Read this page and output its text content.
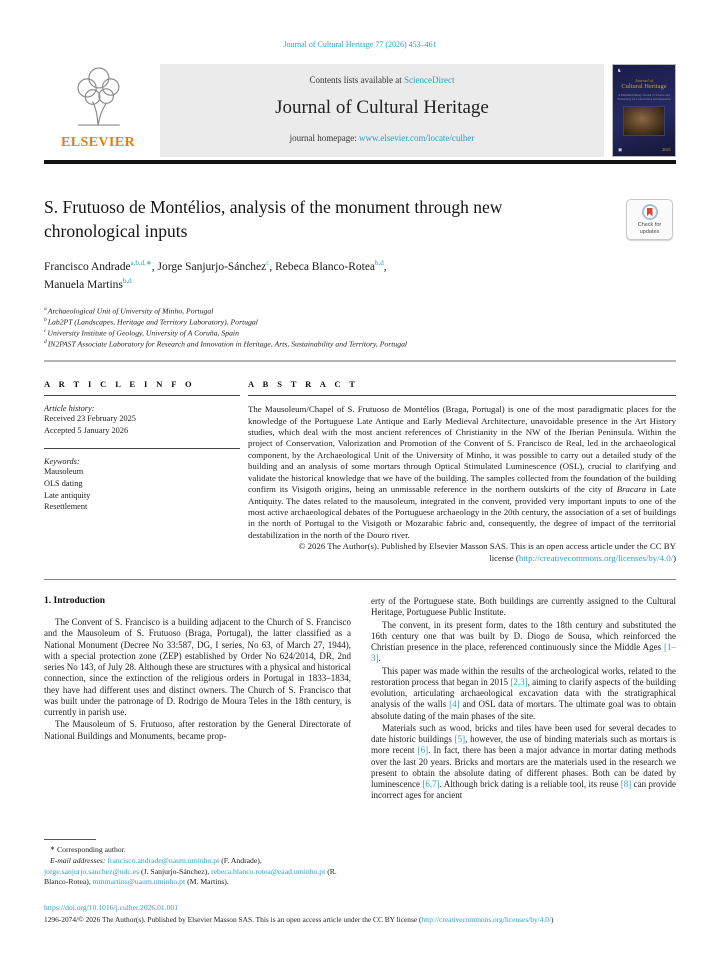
Journal of Cultural Heritage 77 (2026) 453–461
ELSEVIER
Contents lists available at ScienceDirect
Journal of Cultural Heritage
journal homepage: www.elsevier.com/locate/culher
♞
Journal of
Cultural Heritage
A Multidisciplinary Journal of Science and Technology for Conservation and Awareness
▣	2021
S. Frutuoso de Montélios, analysis of the monument through new chronological inputs	Check for updates
Francisco Andrade$^{a,b,d,∗}$, Jorge Sanjurjo-Sánchez$^c$, Rebeca Blanco-Rotea$^{b,d}$,
Manuela Martins$^{b,d}$
$^a$Archaeological Unit of University of Minho, Portugal
$^b$Lab2PT (Landscapes, Heritage and Territory Laboratory), Portugal
$^c$University Institute of Geology, University of A Coruña, Spain
$^d$IN2PAST Associate Laboratory for Research and Innovation in Heritage, Arts, Sustainability and Territory, Portugal
A R T I C L E I N F O
Article history:
Received 23 February 2025
Accepted 5 January 2026
Keywords:
Mausoleum
OLS dating
Late antiquity
Resettlement
A B S T R A C T

The Mausoleum/Chapel of S. Frutuoso de Montélios (Braga, Portugal) is one of the most paradigmatic places for the knowledge of the Portuguese Late Antique and Early Medieval Architecture, unavoidable presence in the Art History studies, which deal with the most ancient references of Christianity in the NW of the Iberian Peninsula. Within the project of Conservation, Valorization and Promotion of the Convent of S. Francisco de Real, led in the archaeological component, by the Archaeological Unit of the University of Minho, it was possible to carry out a detailed study of the building and an analysis of some mortars through Optical Stimulated Luminescence (OSL), crucial to clarifying and validate the historical knowledge that we have of the building. The samples collected from the foundation of the building confirm its Visigoth origins, being an unmissable reference in the northern outskirts of the city of Bracara in Late Antiquity. The dates related to the mausoleum, integrated in the convent, provided very important inputs to one of the most active archaeological debates of the Portuguese archaeology in the 20th century, the association of a set of buildings in the north of Portugal to the Visigoth or Mozarabic fabric and, consequently, the degree of impact of the territorial destabilization in the north of the Douro river.

© 2026 The Author(s). Published by Elsevier Masson SAS. This is an open access article under the CC BY
license (http://creativecommons.org/licenses/by/4.0/)
1. Introduction

The Convent of S. Francisco is a building adjacent to the Church of S. Francisco and the Mausoleum of S. Frutuoso (Braga, Portugal), the latter classified as a National Monument (Decree No 33:587, DG, I series, No 63, of March 27, 1944), with a special protection zone (ZEP) established by Order No 624/2014, DR, 2nd series No 143, of July 28. Although these are structures with a physical and historical connection, since the extinction of the religious orders in Portugal in 1833–1834, they have had different uses and distinct owners. The Church of S. Francisco that was built under the patronage of D. Rodrigo de Moura Teles in the 18th century, is currently in parish use.

The Mausoleum of S. Frutuoso, after restoration by the General Directorate of National Buildings and Monuments, became prop-

∗ Corresponding author.
E-mail addresses: francisco.andrade@uaum.uminho.pt (F. Andrade), jorge.sanjurjo.sanchez@udc.es (J. Sanjurjo-Sánchez), rebeca.blanco.rotea@eaad.uminho.pt (R. Blanco-Rotea), mmmartins@uaum.uminho.pt (M. Martins).

erty of the Portuguese state. Both buildings are currently assigned to the Cultural Heritage, Portuguese Public Institute.

The convent, in its present form, dates to the 18th century and substituted the 16th century one that was built by D. Diogo de Sousa, which reinforced the Christian presence in the place, referenced continuously since the Middle Ages [1–3].

This paper was made within the results of the archeological works, related to the restoration process that began in 2015 [2,3], aiming to clarify aspects of the building evolution, articulating archaeological excavation data with the stratigraphical analysis of the walls [4] and OSL data of mortars. The ultimate goal was to obtain absolute dating of the main phases of the site.

Materials such as wood, bricks and tiles have been used for several decades to date historic buildings [5], however, the use of binding materials such as mortars is more recent [6]. In fact, there has been a major advance in mortar dating methods over the last 20 years. Bricks and mortars are the materials used in the research we present to obtain the absolute dating of different phases. Both can be dated by luminescence [6,7]. Although brick dating is a reliable tool, its reuse [8] can provide incorrect ages for ancient

https://doi.org/10.1016/j.culher.2026.01.001
1296-2074/© 2026 The Author(s). Published by Elsevier Masson SAS. This is an open access article under the CC BY license (http://creativecommons.org/licenses/by/4.0/)
